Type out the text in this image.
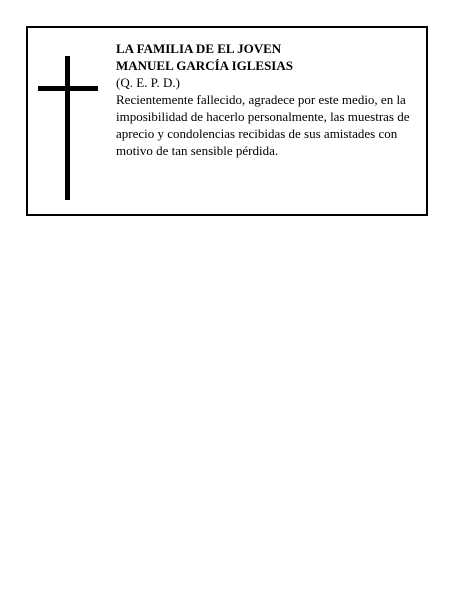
LA FAMILIA DE EL JOVEN
MANUEL GARCÍA IGLESIAS
(Q. E. P. D.)
Recientemente fallecido, agradece por este medio, en la imposibilidad de hacerlo personalmente, las muestras de aprecio y condolencias recibidas de sus amistades con motivo de tan sensible pérdida.
